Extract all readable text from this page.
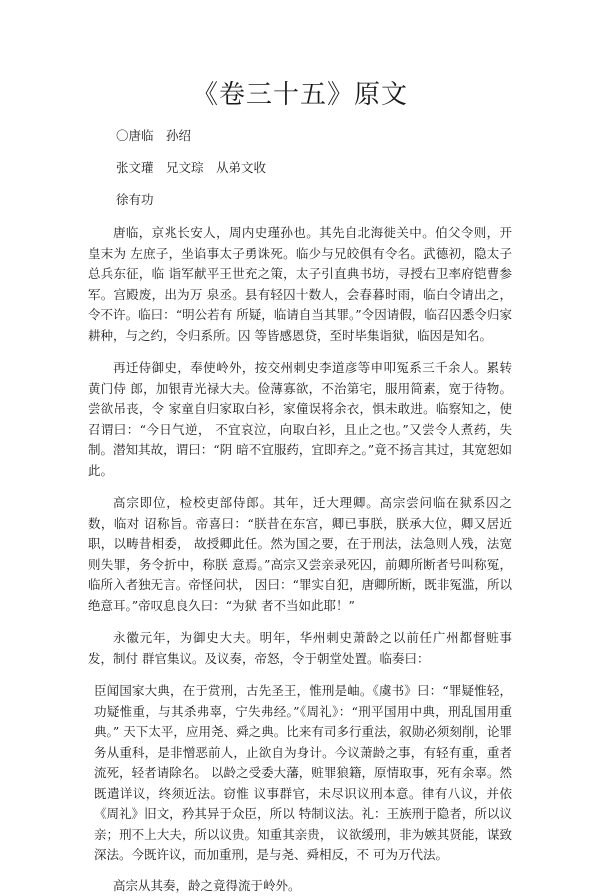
《卷三十五》原文

〇唐临　孙绍

张文瓘　兄文琮　从弟文收

徐有功

唐临，京兆长安人，周内史瑾孙也。其先自北海徙关中。伯父令则，开皇末为 左庶子，坐谄事太子勇诛死。临少与兄皎俱有令名。武德初，隐太子总兵东征，临 诣军献平王世充之策，太子引直典书坊，寻授右卫率府铠曹参军。宫殿废，出为万 泉丞。县有轻囚十数人，会春暮时雨，临白令请出之，令不许。临曰：“明公若有 所疑，临请自当其罪。”令因请假，临召囚悉令归家耕种，与之约，令归系所。囚 等皆感恩贷，至时毕集诣狱，临因是知名。

再迁侍御史，奉使岭外，按交州刺史李道彦等申叩冤系三千余人。累转黄门侍 郎，加银青光禄大夫。俭薄寡欲，不治第宅，服用简素，宽于待物。尝欲吊丧，令 家童自归家取白衫，家僮误将余衣，惧未敢进。临察知之，使召谓曰：“今日气逆， 不宜哀泣，向取白衫，且止之也。”又尝令人煮药，失制。潜知其故，谓曰：“阴 暗不宜服药，宜即弃之。”竟不扬言其过，其宽恕如此。

高宗即位，检校吏部侍郎。其年，迁大理卿。高宗尝问临在狱系囚之数，临对 诏称旨。帝喜曰：“朕昔在东宫，卿已事朕，朕承大位，卿又居近职，以畴昔相委， 故授卿此任。然为国之要，在于刑法，法急则人残，法宽则失罪，务令折中，称朕 意焉。”高宗又尝亲录死囚，前卿所断者号叫称冤，临所入者独无言。帝怪问状， 因曰：“罪实自犯，唐卿所断，既非冤滥，所以绝意耳。”帝叹息良久曰：“为狱 者不当如此耶！”

永徽元年，为御史大夫。明年，华州刺史萧龄之以前任广州都督赃事发，制付 群官集议。及议奏，帝怒，令于朝堂处置。临奏曰：

臣闻国家大典，在于赏刑，古先圣王，惟刑是岫。《虞书》曰：“罪疑惟轻，功疑惟重，与其杀弗辜，宁失弗经。”《周礼》：“刑平国用中典，刑乱国用重典。” 天下太平，应用尧、舜之典。比来有司多行重法，叙勋必须刻削，论罪务从重科，是非憎恶前人，止欲自为身计。今议萧龄之事，有轻有重，重者流死，轻者请除名。 以龄之受委大藩，赃罪狼籍，原情取事，死有余辜。然既遣详议，终须近法。窃惟 议事群官，未尽识议刑本意。律有八议，并依《周礼》旧文，矜其异于众臣，所以 特制议法。礼：王族刑于隐者，所以议亲；刑不上大夫，所以议贵。知重其亲贵， 议欲缓刑，非为嫉其贤能，谋致深法。今既许议，而加重刑，是与尧、舜相反，不 可为万代法。

高宗从其奏，龄之竟得流于岭外。
